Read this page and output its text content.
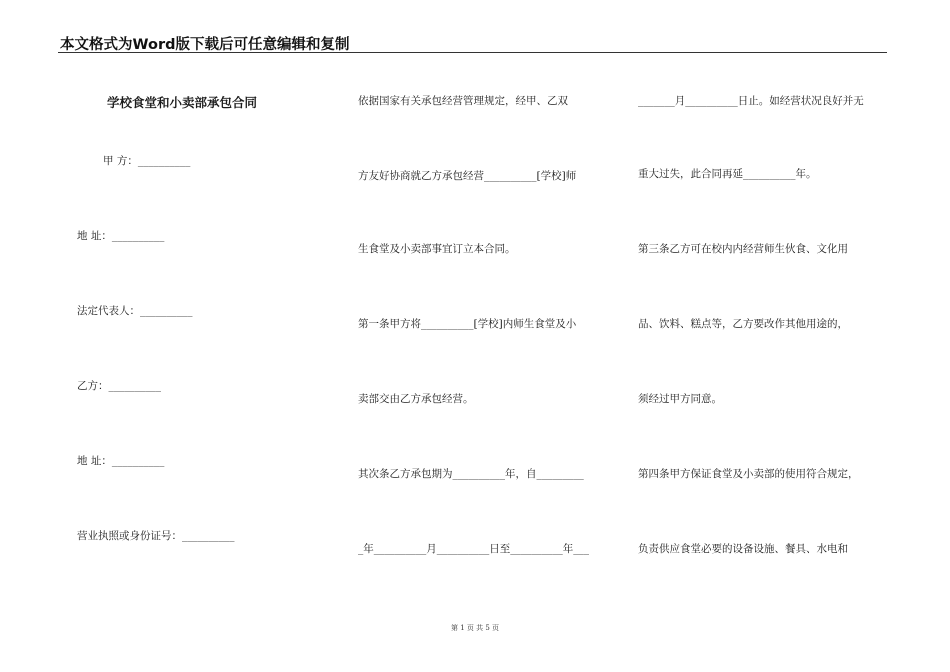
本文格式为Word版下载后可任意编辑和复制
学校食堂和小卖部承包合同
甲 方：__________
地 址：__________
法定代表人：__________
乙方：__________
地 址：__________
营业执照或身份证号：__________
依据国家有关承包经营管理规定，经甲、乙双
方友好协商就乙方承包经营__________[学校]师
生食堂及小卖部事宜订立本合同。
第一条甲方将__________[学校]内师生食堂及小
卖部交由乙方承包经营。
其次条乙方承包期为__________年，自_________
_年__________月__________日至__________年___
_______月__________日止。如经营状况良好并无
重大过失，此合同再延__________年。
第三条乙方可在校内内经营师生伙食、文化用
品、饮料、糕点等，乙方要改作其他用途的，
须经过甲方同意。
第四条甲方保证食堂及小卖部的使用符合规定，
负责供应食堂必要的设备设施、餐具、水电和
第 1 页 共 5 页
